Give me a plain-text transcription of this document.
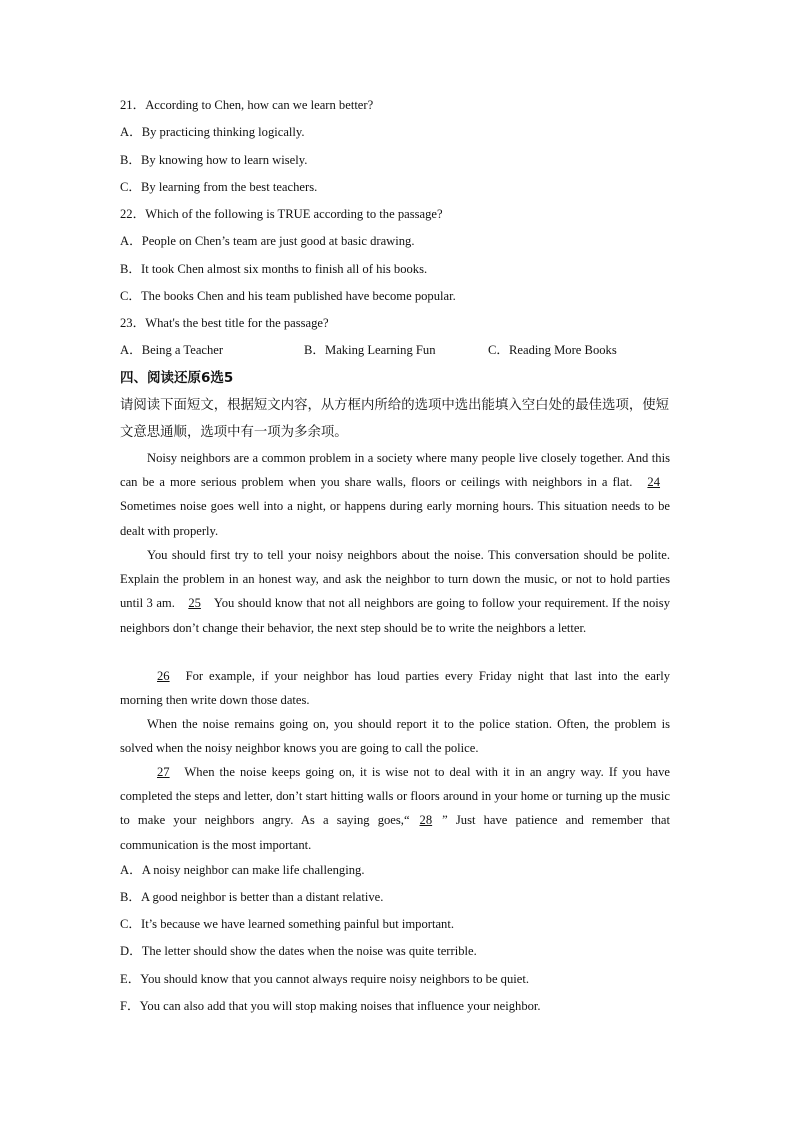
21．According to Chen, how can we learn better?
A．By practicing thinking logically.
B．By knowing how to learn wisely.
C．By learning from the best teachers.
22．Which of the following is TRUE according to the passage?
A．People on Chen’s team are just good at basic drawing.
B．It took Chen almost six months to finish all of his books.
C．The books Chen and his team published have become popular.
23．What's the best title for the passage?
A．Being a Teacher	B．Making Learning Fun	C．Reading More Books
四、阅读还原6选5
请阅读下面短文，根据短文内容，从方框内所给的选项中选出能填入空白处的最佳选项，使短文意思通顺，选项中有一项为多余项。
Noisy neighbors are a common problem in a society where many people live closely together. And this can be a more serious problem when you share walls, floors or ceilings with neighbors in a flat. 24 Sometimes noise goes well into a night, or happens during early morning hours. This situation needs to be dealt with properly.
You should first try to tell your noisy neighbors about the noise. This conversation should be polite. Explain the problem in an honest way, and ask the neighbor to turn down the music, or not to hold parties until 3 am. 25 You should know that not all neighbors are going to follow your requirement. If the noisy neighbors don’t change their behavior, the next step should be to write the neighbors a letter.
26 For example, if your neighbor has loud parties every Friday night that last into the early morning then write down those dates.
When the noise remains going on, you should report it to the police station. Often, the problem is solved when the noisy neighbor knows you are going to call the police.
27 When the noise keeps going on, it is wise not to deal with it in an angry way. If you have completed the steps and letter, don’t start hitting walls or floors around in your home or turning up the music to make your neighbors angry. As a saying goes,“ 28 ” Just have patience and remember that communication is the most important.
A．A noisy neighbor can make life challenging.
B．A good neighbor is better than a distant relative.
C．It’s because we have learned something painful but important.
D．The letter should show the dates when the noise was quite terrible.
E．You should know that you cannot always require noisy neighbors to be quiet.
F．You can also add that you will stop making noises that influence your neighbor.
